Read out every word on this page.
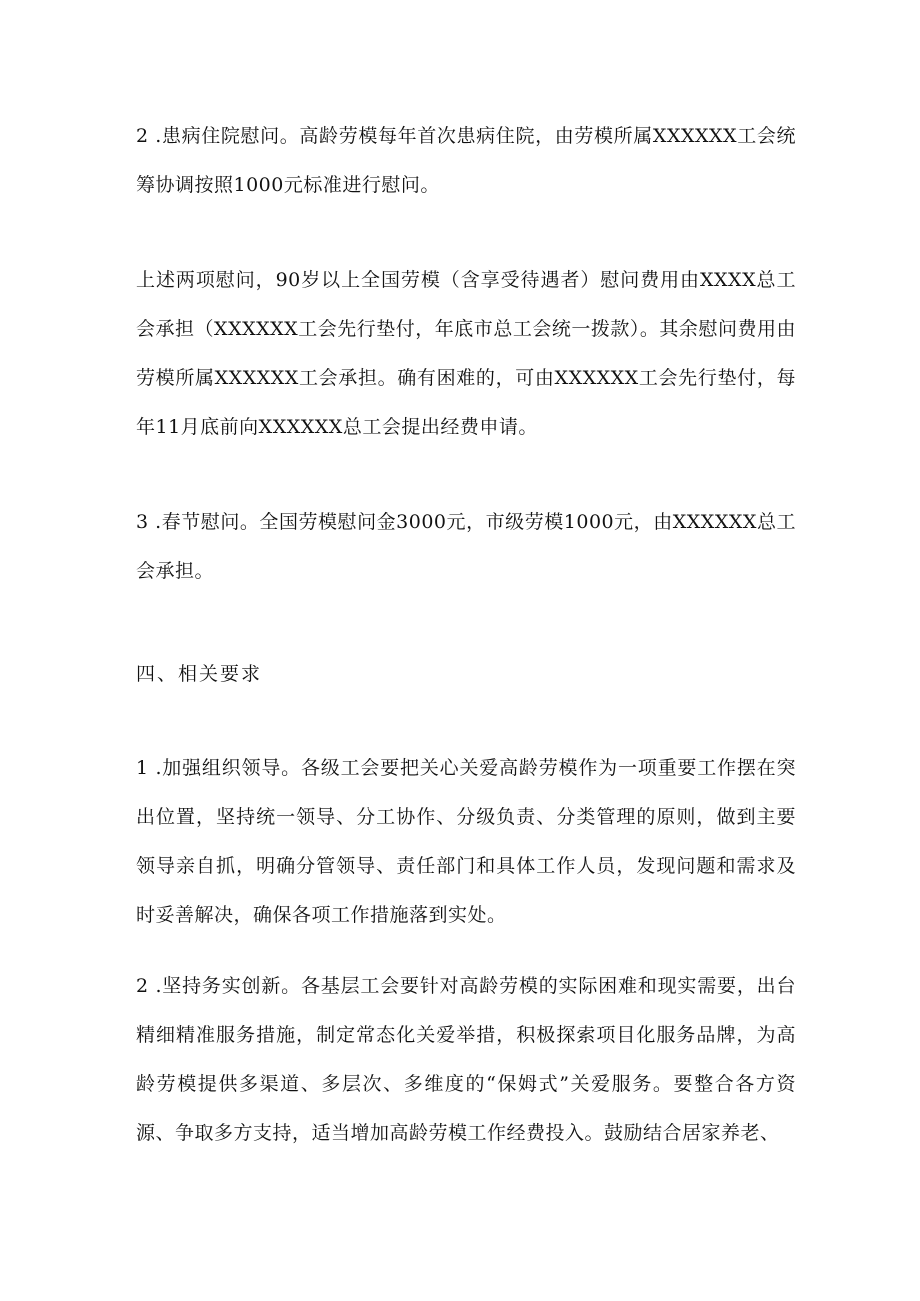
2 .患病住院慰问。高龄劳模每年首次患病住院，由劳模所属XXXXXX工会统筹协调按照1000元标准进行慰问。

上述两项慰问，90岁以上全国劳模（含享受待遇者）慰问费用由XXXX总工会承担（XXXXXX工会先行垫付，年底市总工会统一拨款）。其余慰问费用由劳模所属XXXXXX工会承担。确有困难的，可由XXXXXX工会先行垫付，每年11月底前向XXXXXX总工会提出经费申请。

3 .春节慰问。全国劳模慰问金3000元，市级劳模1000元，由XXXXXX总工会承担。

四、相关要求

1 .加强组织领导。各级工会要把关心关爱高龄劳模作为一项重要工作摆在突出位置，坚持统一领导、分工协作、分级负责、分类管理的原则，做到主要领导亲自抓，明确分管领导、责任部门和具体工作人员，发现问题和需求及时妥善解决，确保各项工作措施落到实处。

2 .坚持务实创新。各基层工会要针对高龄劳模的实际困难和现实需要，出台精细精准服务措施，制定常态化关爱举措，积极探索项目化服务品牌，为高龄劳模提供多渠道、多层次、多维度的“保姆式”关爱服务。要整合各方资源、争取多方支持，适当增加高龄劳模工作经费投入。鼓励结合居家养老、
